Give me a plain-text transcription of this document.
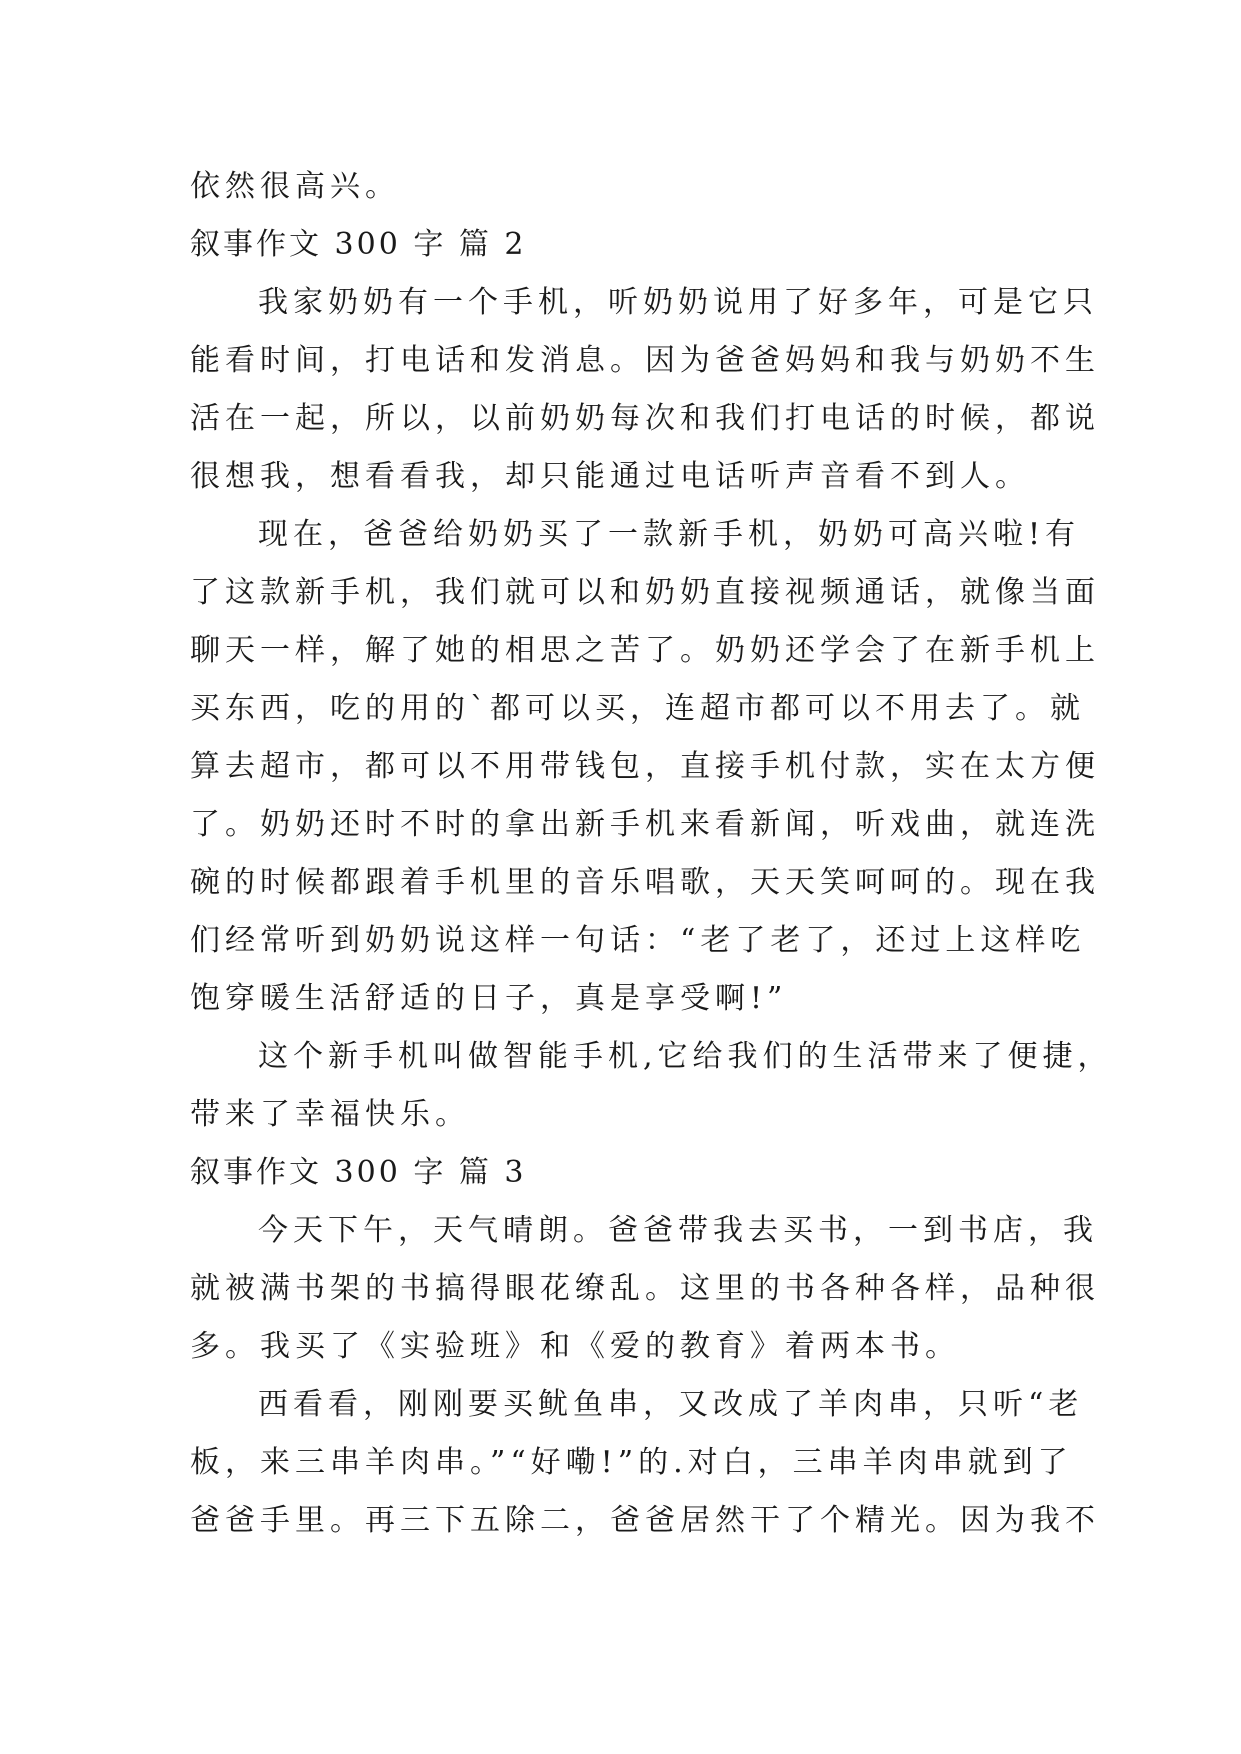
依然很高兴。

叙事作文 300 字 篇 2

我家奶奶有一个手机，听奶奶说用了好多年，可是它只

能看时间，打电话和发消息。因为爸爸妈妈和我与奶奶不生

活在一起，所以，以前奶奶每次和我们打电话的时候，都说

很想我，想看看我，却只能通过电话听声音看不到人。

现在，爸爸给奶奶买了一款新手机，奶奶可高兴啦!有

了这款新手机，我们就可以和奶奶直接视频通话，就像当面

聊天一样，解了她的相思之苦了。奶奶还学会了在新手机上

买东西，吃的用的`都可以买，连超市都可以不用去了。就

算去超市，都可以不用带钱包，直接手机付款，实在太方便

了。奶奶还时不时的拿出新手机来看新闻，听戏曲，就连洗

碗的时候都跟着手机里的音乐唱歌，天天笑呵呵的。现在我

们经常听到奶奶说这样一句话：“老了老了，还过上这样吃

饱穿暖生活舒适的日子，真是享受啊!”

这个新手机叫做智能手机,它给我们的生活带来了便捷，

带来了幸福快乐。

叙事作文 300 字 篇 3

今天下午，天气晴朗。爸爸带我去买书，一到书店，我

就被满书架的书搞得眼花缭乱。这里的书各种各样，品种很

多。我买了《实验班》和《爱的教育》着两本书。

西看看，刚刚要买鱿鱼串，又改成了羊肉串，只听“老

板，来三串羊肉串。”“好嘞!”的.对白，三串羊肉串就到了

爸爸手里。再三下五除二，爸爸居然干了个精光。因为我不
